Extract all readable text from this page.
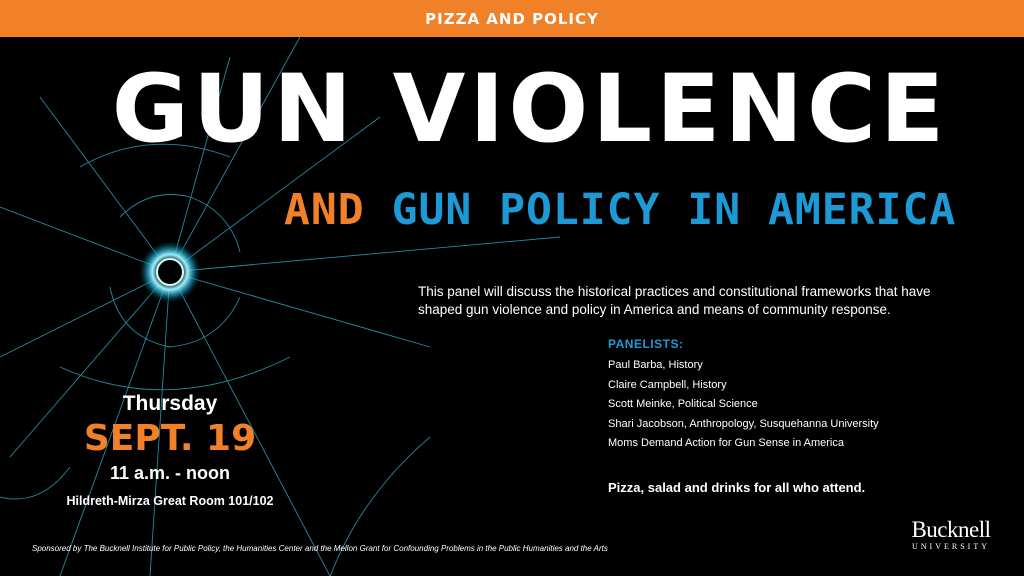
PIZZA AND POLICY
GUN VIOLENCE
AND GUN POLICY IN AMERICA
This panel will discuss the historical practices and constitutional frameworks that have shaped gun violence and policy in America and means of community response.
PANELISTS:
Paul Barba, History
Claire Campbell, History
Scott Meinke, Political Science
Shari Jacobson, Anthropology, Susquehanna University
Moms Demand Action for Gun Sense in America
Pizza, salad and drinks for all who attend.
Thursday
SEPT. 19
11 a.m. - noon
Hildreth-Mirza Great Room 101/102
Sponsored by The Bucknell Institute for Public Policy, the Humanities Center and the Mellon Grant for Confounding Problems in the Public Humanities and the Arts
Bucknell
UNIVERSITY
